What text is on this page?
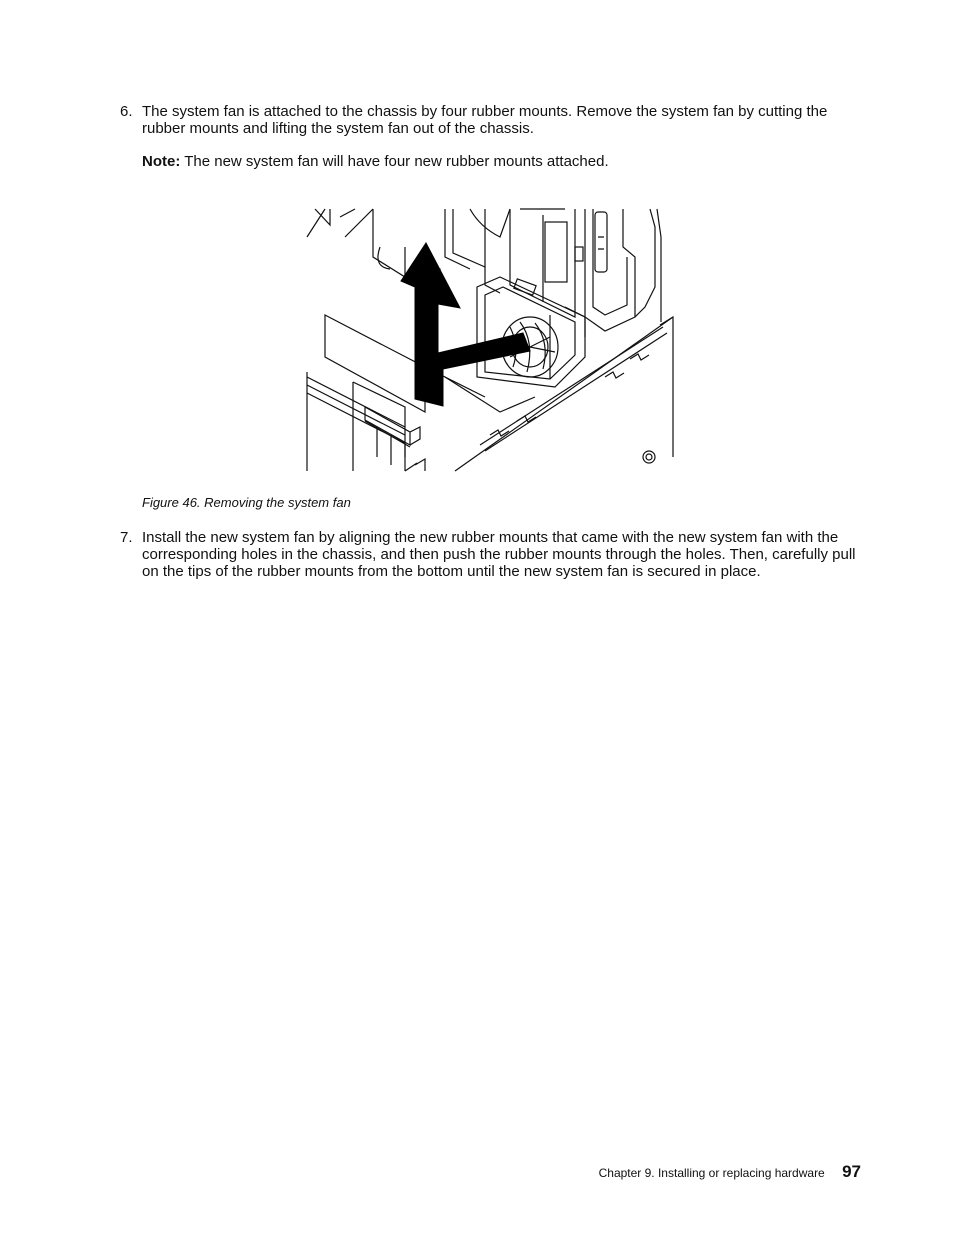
6. The system fan is attached to the chassis by four rubber mounts. Remove the system fan by cutting the rubber mounts and lifting the system fan out of the chassis.
Note: The new system fan will have four new rubber mounts attached.
Figure 46. Removing the system fan
7. Install the new system fan by aligning the new rubber mounts that came with the new system fan with the corresponding holes in the chassis, and then push the rubber mounts through the holes. Then, carefully pull on the tips of the rubber mounts from the bottom until the new system fan is secured in place.
Chapter 9. Installing or replacing hardware 97
